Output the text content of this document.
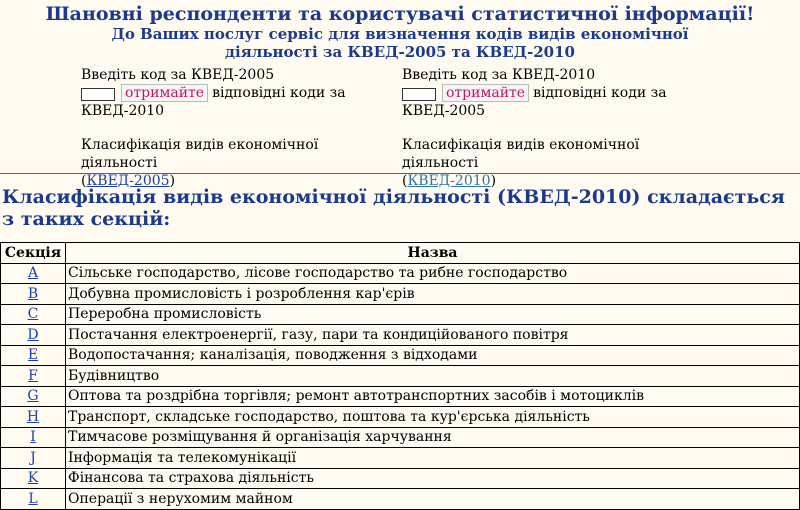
Шановні респонденти та користувачі статистичної інформації!
До Ваших послуг сервіс для визначення кодів видів економічної
діяльності за КВЕД-2005 та КВЕД-2010
Введіть код за КВЕД-2005
отримайте відповідні коди за
КВЕД-2010
Класифікація видів економічної діяльності
(КВЕД-2005)
Введіть код за КВЕД-2010
отримайте відповідні коди за
КВЕД-2005
Класифікація видів економічної діяльності
(КВЕД-2010)
Класифікація видів економічної діяльності (КВЕД-2010) складається з таких секцій:
Секція	Назва
A	Сільське господарство, лісове господарство та рибне господарство
B	Добувна промисловість і розроблення кар'єрів
C	Переробна промисловість
D	Постачання електроенергії, газу, пари та кондиційованого повітря
E	Водопостачання; каналізація, поводження з відходами
F	Будівництво
G	Оптова та роздрібна торгівля; ремонт автотранспортних засобів і мотоциклів
H	Транспорт, складське господарство, поштова та кур'єрська діяльність
I	Тимчасове розміщування й організація харчування
J	Інформація та телекомунікації
K	Фінансова та страхова діяльність
L	Операції з нерухомим майном
